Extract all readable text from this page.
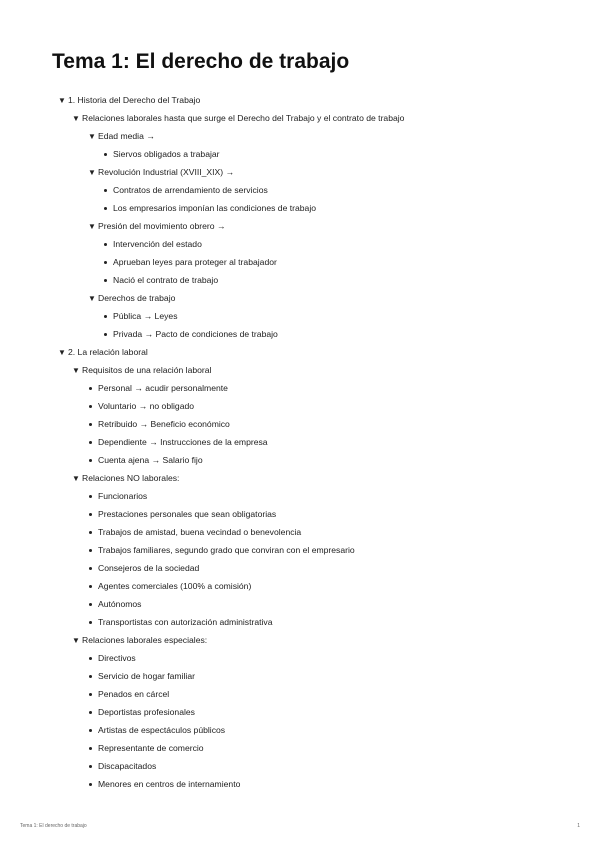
Tema 1: El derecho de trabajo
▼ 1. Historia del Derecho del Trabajo
▼ Relaciones laborales hasta que surge el Derecho del Trabajo y el contrato de trabajo
▼ Edad media →
Siervos obligados a trabajar
▼ Revolución Industrial (XVIII_XIX) →
Contratos de arrendamiento de servicios
Los empresarios imponían las condiciones de trabajo
▼ Presión del movimiento obrero →
Intervención del estado
Aprueban leyes para proteger al trabajador
Nació el contrato de trabajo
▼ Derechos de trabajo
Pública → Leyes
Privada → Pacto de condiciones de trabajo
▼ 2. La relación laboral
▼ Requisitos de una relación laboral
Personal → acudir personalmente
Voluntario → no obligado
Retribuido → Beneficio económico
Dependiente → Instrucciones de la empresa
Cuenta ajena → Salario fijo
▼ Relaciones NO laborales:
Funcionarios
Prestaciones personales que sean obligatorias
Trabajos de amistad, buena vecindad o benevolencia
Trabajos familiares, segundo grado que conviran con el empresario
Consejeros de la sociedad
Agentes comerciales (100% a comisión)
Autónomos
Transportistas con autorización administrativa
▼ Relaciones laborales especiales:
Directivos
Servicio de hogar familiar
Penados en cárcel
Deportistas profesionales
Artistas de espectáculos públicos
Representante de comercio
Discapacitados
Menores en centros de internamiento
Tema 1: El derecho de trabajo	1
